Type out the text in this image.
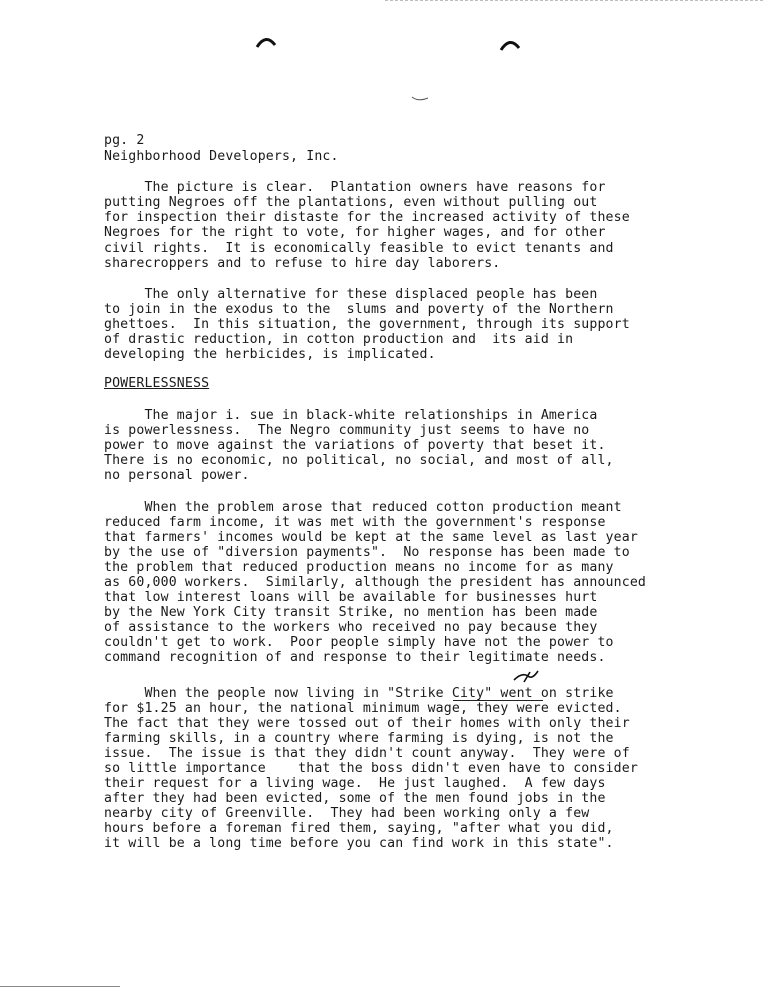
pg. 2
Neighborhood Developers, Inc.
The picture is clear.  Plantation owners have reasons for
putting Negroes off the plantations, even without pulling out
for inspection their distaste for the increased activity of these
Negroes for the right to vote, for higher wages, and for other
civil rights.  It is economically feasible to evict tenants and
sharecroppers and to refuse to hire day laborers.
The only alternative for these displaced people has been
to join in the exodus to the  slums and poverty of the Northern
ghettoes.  In this situation, the government, through its support
of drastic reduction, in cotton production and  its aid in
developing the herbicides, is implicated.
POWERLESSNESS
The major i. sue in black-white relationships in America
is powerlessness.  The Negro community just seems to have no
power to move against the variations of poverty that beset it.
There is no economic, no political, no social, and most of all,
no personal power.
When the problem arose that reduced cotton production meant
reduced farm income, it was met with the government's response
that farmers' incomes would be kept at the same level as last year
by the use of "diversion payments".  No response has been made to
the problem that reduced production means no income for as many
as 60,000 workers.  Similarly, although the president has announced
that low interest loans will be available for businesses hurt
by the New York City transit Strike, no mention has been made
of assistance to the workers who received no pay because they
couldn't get to work.  Poor people simply have not the power to
command recognition of and response to their legitimate needs.
When the people now living in "Strike City" went on strike
for $1.25 an hour, the national minimum wage, they were evicted.
The fact that they were tossed out of their homes with only their
farming skills, in a country where farming is dying, is not the
issue.  The issue is that they didn't count anyway.  They were of
so little importance    that the boss didn't even have to consider
their request for a living wage.  He just laughed.  A few days
after they had been evicted, some of the men found jobs in the
nearby city of Greenville.  They had been working only a few
hours before a foreman fired them, saying, "after what you did,
it will be a long time before you can find work in this state".
